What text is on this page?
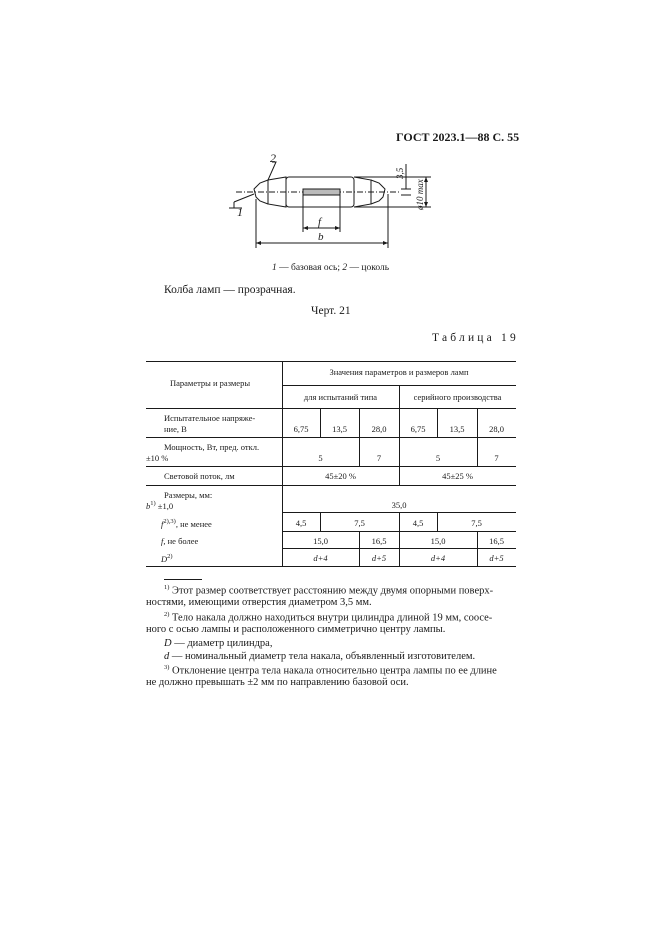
ГОСТ 2023.1—88 С. 55
2
1
f
b
3,5
ø10 max
1 — базовая ось; 2 — цоколь
Колба ламп — прозрачная.
Черт. 21
Таблица 19
Параметры и размеры
Значения параметров и размеров ламп
для испытаний типа	серийного производства
Испытательное напряже-
ние, В	6,75	13,5	28,0	6,75	13,5	28,0
Мощность, Вт, пред. откл.
±10 %	5	7	5	7
Световой поток, лм	45±20 %	45±25 %
Размеры, мм:
$b^{1)} \pm 1,0$	35,0
$f^{2),3)}$, не менее	4,5	7,5	4,5	7,5
f, не более	15,0	16,5	15,0	16,5
$D^{2)}$	d+4	d+5	d+4	d+5
$^{1)}$ Этот размер соответствует расстоянию между двумя опорными поверх-
ностями, имеющими отверстия диаметром 3,5 мм.
$^{2)}$ Тело накала должно находиться внутри цилиндра длиной 19 мм, соосе-
ного с осью лампы и расположенного симметрично центру лампы.
D — диаметр цилиндра,
d — номинальный диаметр тела накала, объявленный изготовителем.
$^{3)}$ Отклонение центра тела накала относительно центра лампы по ее длине
не должно превышать ±2 мм по направлению базовой оси.
